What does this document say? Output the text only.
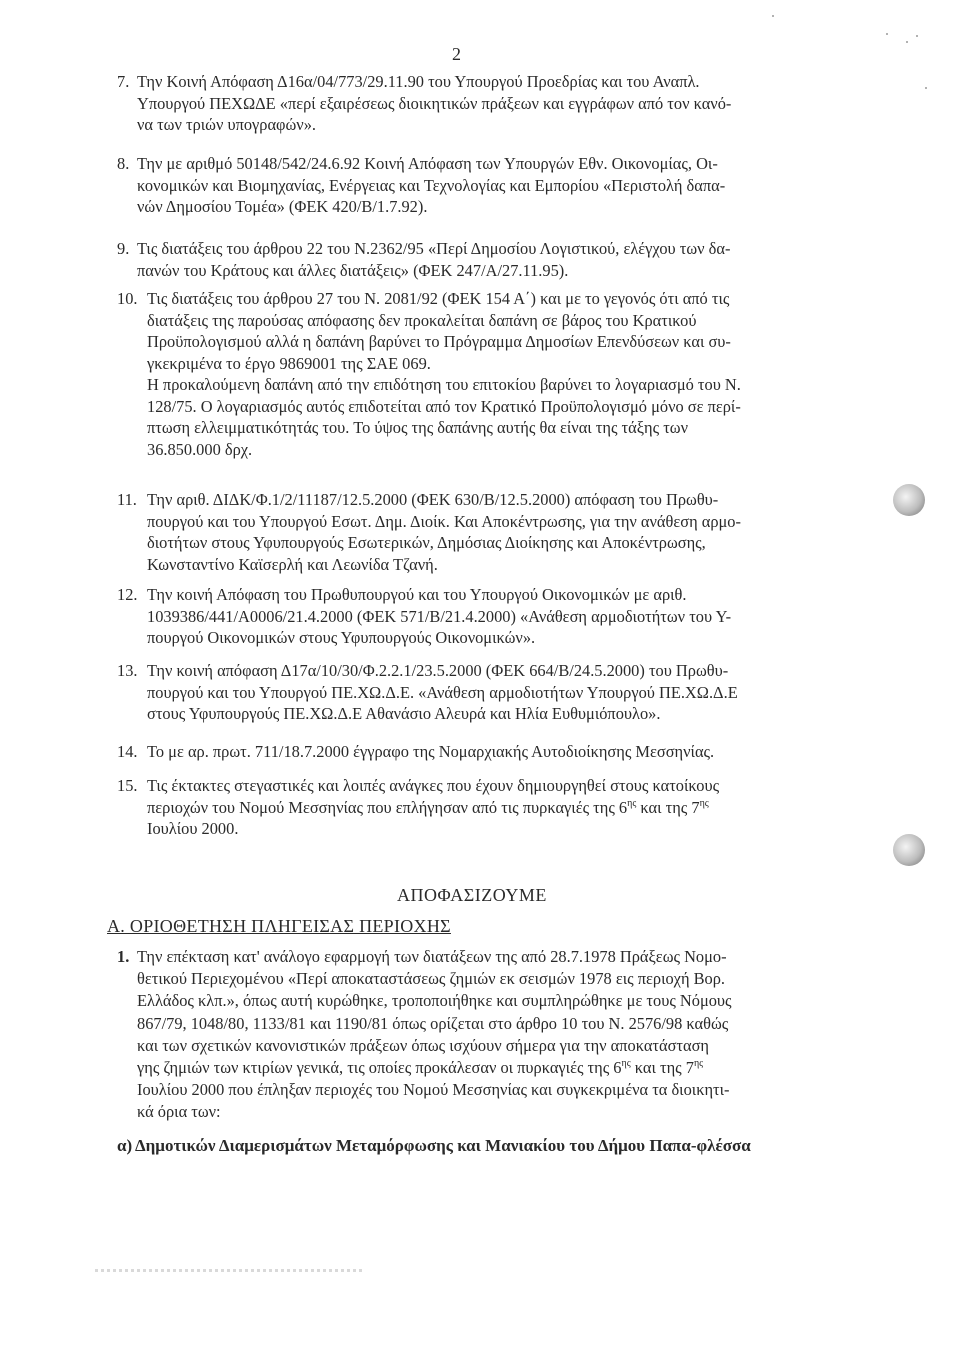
2
7. Την Κοινή Απόφαση Δ16α/04/773/29.11.90 του Υπουργού Προεδρίας και του Αναπλ.

Υπουργού ΠΕΧΩΔΕ «περί εξαιρέσεως διοικητικών πράξεων και εγγράφων από τον κανό-

να των τριών υπογραφών».

8. Την με αριθμό 50148/542/24.6.92 Κοινή Απόφαση των Υπουργών Εθν. Οικονομίας, Οι-

κονομικών και Βιομηχανίας, Ενέργειας και Τεχνολογίας και Εμπορίου «Περιστολή δαπα-

νών Δημοσίου Τομέα» (ΦΕΚ 420/Β/1.7.92).

9. Τις διατάξεις του άρθρου 22 του Ν.2362/95 «Περί Δημοσίου Λογιστικού, ελέγχου των δα-

πανών του Κράτους και άλλες διατάξεις» (ΦΕΚ 247/Α/27.11.95).

10. Τις διατάξεις του άρθρου 27 του Ν. 2081/92 (ΦΕΚ 154 Α΄) και με το γεγονός ότι από τις

διατάξεις της παρούσας απόφασης δεν προκαλείται δαπάνη σε βάρος του Κρατικού

Προϋπολογισμού αλλά η δαπάνη βαρύνει το Πρόγραμμα Δημοσίων Επενδύσεων και συ-

γκεκριμένα το έργο 9869001 της ΣΑΕ 069.

Η προκαλούμενη δαπάνη από την επιδότηση του επιτοκίου βαρύνει το λογαριασμό του Ν.

128/75. Ο λογαριασμός αυτός επιδοτείται από τον Κρατικό Προϋπολογισμό μόνο σε περί-

πτωση ελλειμματικότητάς του. Το ύψος της δαπάνης αυτής θα είναι της τάξης των

36.850.000 δρχ.

11. Την αριθ. ΔΙΔΚ/Φ.1/2/11187/12.5.2000 (ΦΕΚ 630/Β/12.5.2000) απόφαση του Πρωθυ-

πουργού και του Υπουργού Εσωτ. Δημ. Διοίκ. Και Αποκέντρωσης, για την ανάθεση αρμο-

διοτήτων στους Υφυπουργούς Εσωτερικών, Δημόσιας Διοίκησης και Αποκέντρωσης,

Κωνσταντίνο Καϊσερλή και Λεωνίδα Τζανή.

12. Την κοινή Απόφαση του Πρωθυπουργού και του Υπουργού Οικονομικών με αριθ.

1039386/441/Α0006/21.4.2000 (ΦΕΚ 571/Β/21.4.2000) «Ανάθεση αρμοδιοτήτων του Υ-

πουργού Οικονομικών στους Υφυπουργούς Οικονομικών».

13. Την κοινή απόφαση Δ17α/10/30/Φ.2.2.1/23.5.2000 (ΦΕΚ 664/Β/24.5.2000) του Πρωθυ-

πουργού και του Υπουργού ΠΕ.ΧΩ.Δ.Ε. «Ανάθεση αρμοδιοτήτων Υπουργού ΠΕ.ΧΩ.Δ.Ε

στους Υφυπουργούς ΠΕ.ΧΩ.Δ.Ε Αθανάσιο Αλευρά και Ηλία Ευθυμιόπουλο».

14. Το με αρ. πρωτ. 711/18.7.2000 έγγραφο της Νομαρχιακής Αυτοδιοίκησης Μεσσηνίας.

15. Τις έκτακτες στεγαστικές και λοιπές ανάγκες που έχουν δημιουργηθεί στους κατοίκους

περιοχών του Νομού Μεσσηνίας που επλήγησαν από τις πυρκαγιές της $6^{\eta\varsigma}$ και της $7^{\eta\varsigma}$

Ιουλίου 2000.

ΑΠΟΦΑΣΙΖΟΥΜΕ
Α. ΟΡΙΟΘΕΤΗΣΗ ΠΛΗΓΕΙΣΑΣ ΠΕΡΙΟΧΗΣ
1. Την επέκταση κατ' ανάλογο εφαρμογή των διατάξεων της από 28.7.1978 Πράξεως Νομο-

θετικού Περιεχομένου «Περί αποκαταστάσεως ζημιών εκ σεισμών 1978 εις περιοχή Βορ.

Ελλάδος κλπ.», όπως αυτή κυρώθηκε, τροποποιήθηκε και συμπληρώθηκε με τους Νόμους

867/79, 1048/80, 1133/81 και 1190/81 όπως ορίζεται στο άρθρο 10 του Ν. 2576/98 καθώς

και των σχετικών κανονιστικών πράξεων όπως ισχύουν σήμερα για την αποκατάσταση

γης ζημιών των κτιρίων γενικά, τις οποίες προκάλεσαν οι πυρκαγιές της $6^{\eta\varsigma}$ και της $7^{\eta\varsigma}$

Ιουλίου 2000 που έπληξαν περιοχές του Νομού Μεσσηνίας και συγκεκριμένα τα διοικητι-

κά όρια των:

α) Δημοτικών Διαμερισμάτων Μεταμόρφωσης και Μανιακίου του Δήμου Παπα-φλέσσα
